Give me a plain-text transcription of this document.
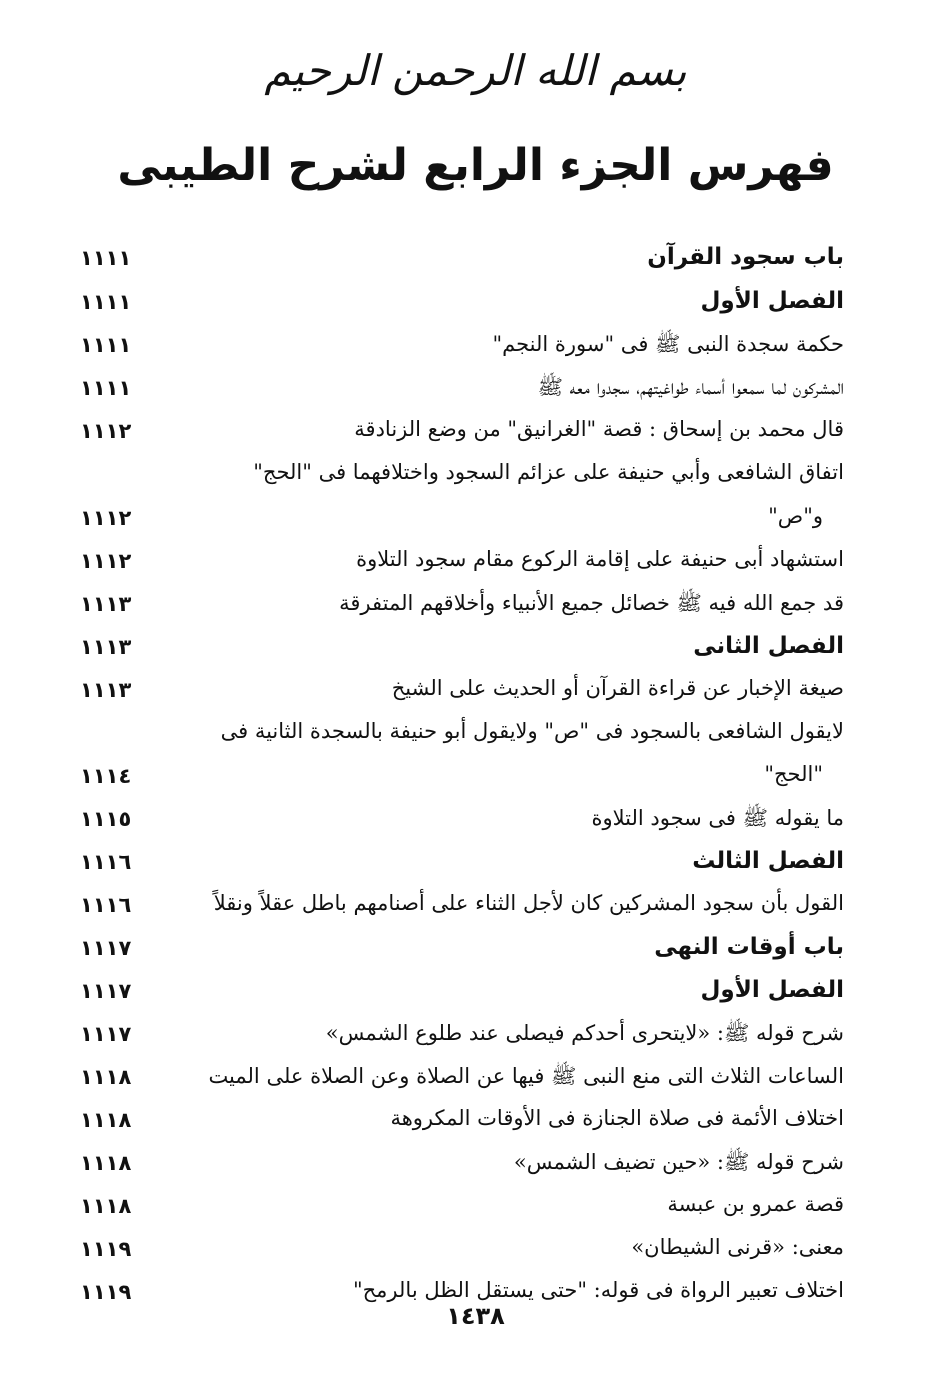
بسم الله الرحمن الرحيم
فهرس الجزء الرابع لشرح الطيبى
باب سجود القرآن
١١١١
الفصل الأول
١١١١
حكمة سجدة النبى ﷺ فى "سورة النجم"
١١١١
المشركون لما سمعوا أسماء طواغيتهم، سجدوا معه ﷺ
١١١١
قال محمد بن إسحاق : قصة "الغرانيق" من وضع الزنادقة
١١١٢
اتفاق الشافعى وأبي حنيفة على عزائم السجود واختلافهما فى "الحج"
و"ص"
١١١٢
استشهاد أبى حنيفة على إقامة الركوع مقام سجود التلاوة
١١١٢
قد جمع الله فيه ﷺ خصائل جميع الأنبياء وأخلاقهم المتفرقة
١١١٣
الفصل الثانى
١١١٣
صيغة الإخبار عن قراءة القرآن أو الحديث على الشيخ
١١١٣
لايقول الشافعى بالسجود فى "ص" ولايقول أبو حنيفة بالسجدة الثانية فى
"الحج"
١١١٤
ما يقوله ﷺ فى سجود التلاوة
١١١٥
الفصل الثالث
١١١٦
القول بأن سجود المشركين كان لأجل الثناء على أصنامهم باطل عقلاً ونقلاً
١١١٦
باب أوقات النهى
١١١٧
الفصل الأول
١١١٧
شرح قوله ﷺ: «لايتحرى أحدكم فيصلى عند طلوع الشمس»
١١١٧
الساعات الثلاث التى منع النبى ﷺ فيها عن الصلاة وعن الصلاة على الميت
١١١٨
اختلاف الأئمة فى صلاة الجنازة فى الأوقات المكروهة
١١١٨
شرح قوله ﷺ: «حين تضيف الشمس»
١١١٨
قصة عمرو بن عبسة
١١١٨
معنى: «قرنى الشيطان»
١١١٩
اختلاف تعبير الرواة فى قوله: "حتى يستقل الظل بالرمح"
١١١٩
١٤٣٨
